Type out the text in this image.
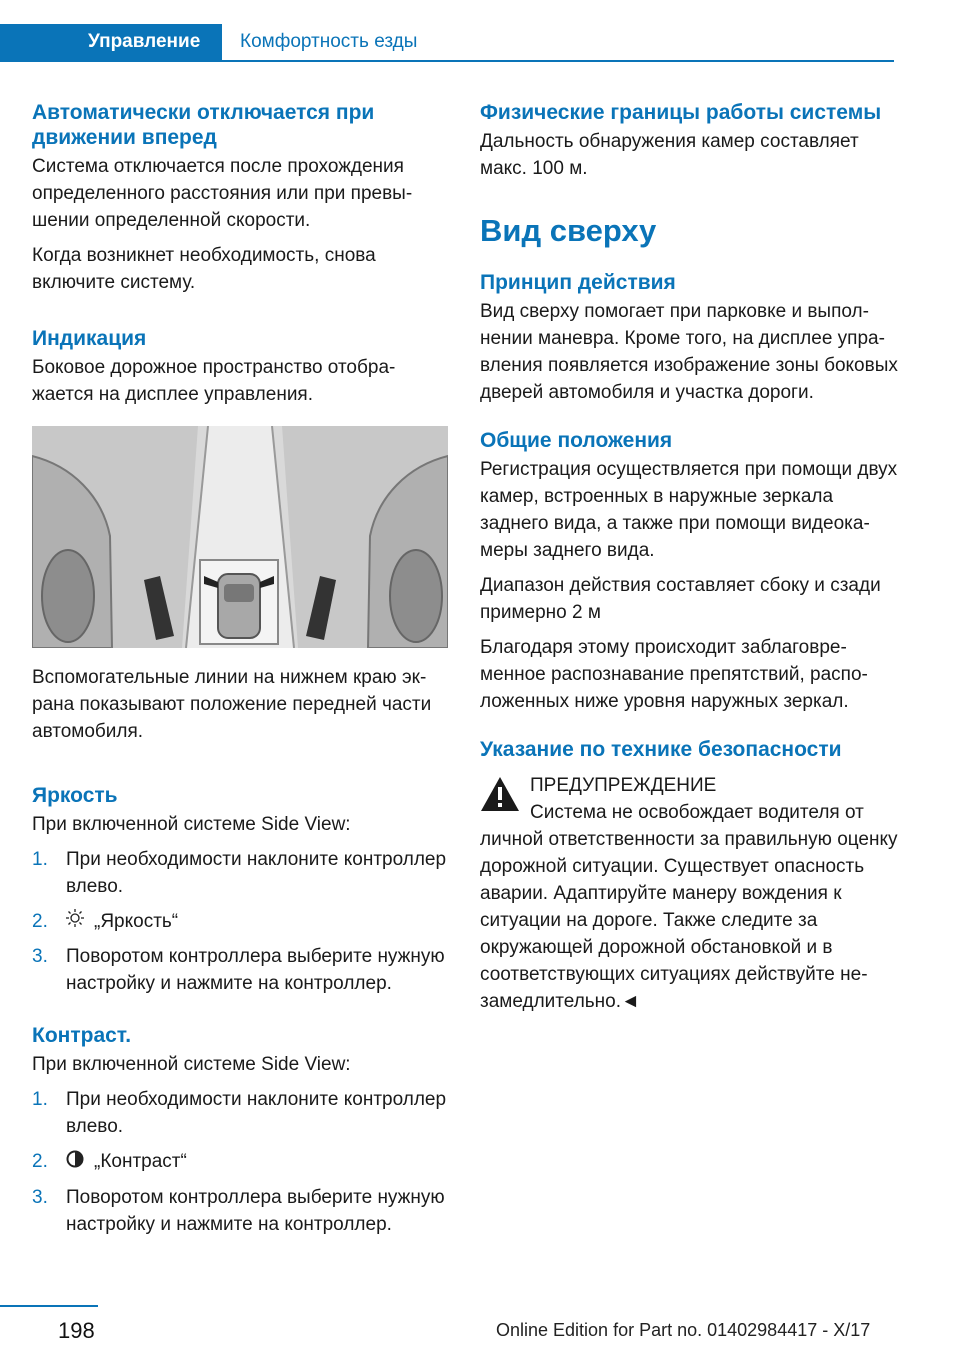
Управление Комфортность езды
Автоматически отключается при движении вперед

Система отключается после прохождения определенного расстояния или при превышении определенной скорости.

Когда возникнет необходимость, снова включите систему.

Индикация

Боковое дорожное пространство отображается на дисплее управления.

Вспомогательные линии на нижнем краю экрана показывают положение передней части автомобиля.

Яркость

При включенной системе Side View:

1. При необходимости наклоните контроллер влево.
2. „Яркость“
3. Поворотом контроллера выберите нужную настройку и нажмите на контроллер.
Контраст.

При включенной системе Side View:

1. При необходимости наклоните контроллер влево.
2. „Контраст“
3. Поворотом контроллера выберите нужную настройку и нажмите на контроллер.
Физические границы работы системы

Дальность обнаружения камер составляет макс. 100 м.

Вид сверху
Принцип действия

Вид сверху помогает при парковке и выполнении маневра. Кроме того, на дисплее управления появляется изображение зоны боковых дверей автомобиля и участка дороги.

Общие положения

Регистрация осуществляется при помощи двух камер, встроенных в наружные зеркала заднего вида, а также при помощи видеокамеры заднего вида.

Диапазон действия составляет сбоку и сзади примерно 2 м

Благодаря этому происходит заблаговременное распознавание препятствий, расположенных ниже уровня наружных зеркал.

Указание по технике безопасности
ПРЕДУПРЕЖДЕНИЕ

Система не освобождает водителя от личной ответственности за правильную оценку дорожной ситуации. Существует опасность аварии. Адаптируйте манеру вождения к ситуации на дороге. Также следите за окружающей дорожной обстановкой и в соответствующих ситуациях действуйте незамедлительно.◄

198	Online Edition for Part no. 01402984417 - X/17
